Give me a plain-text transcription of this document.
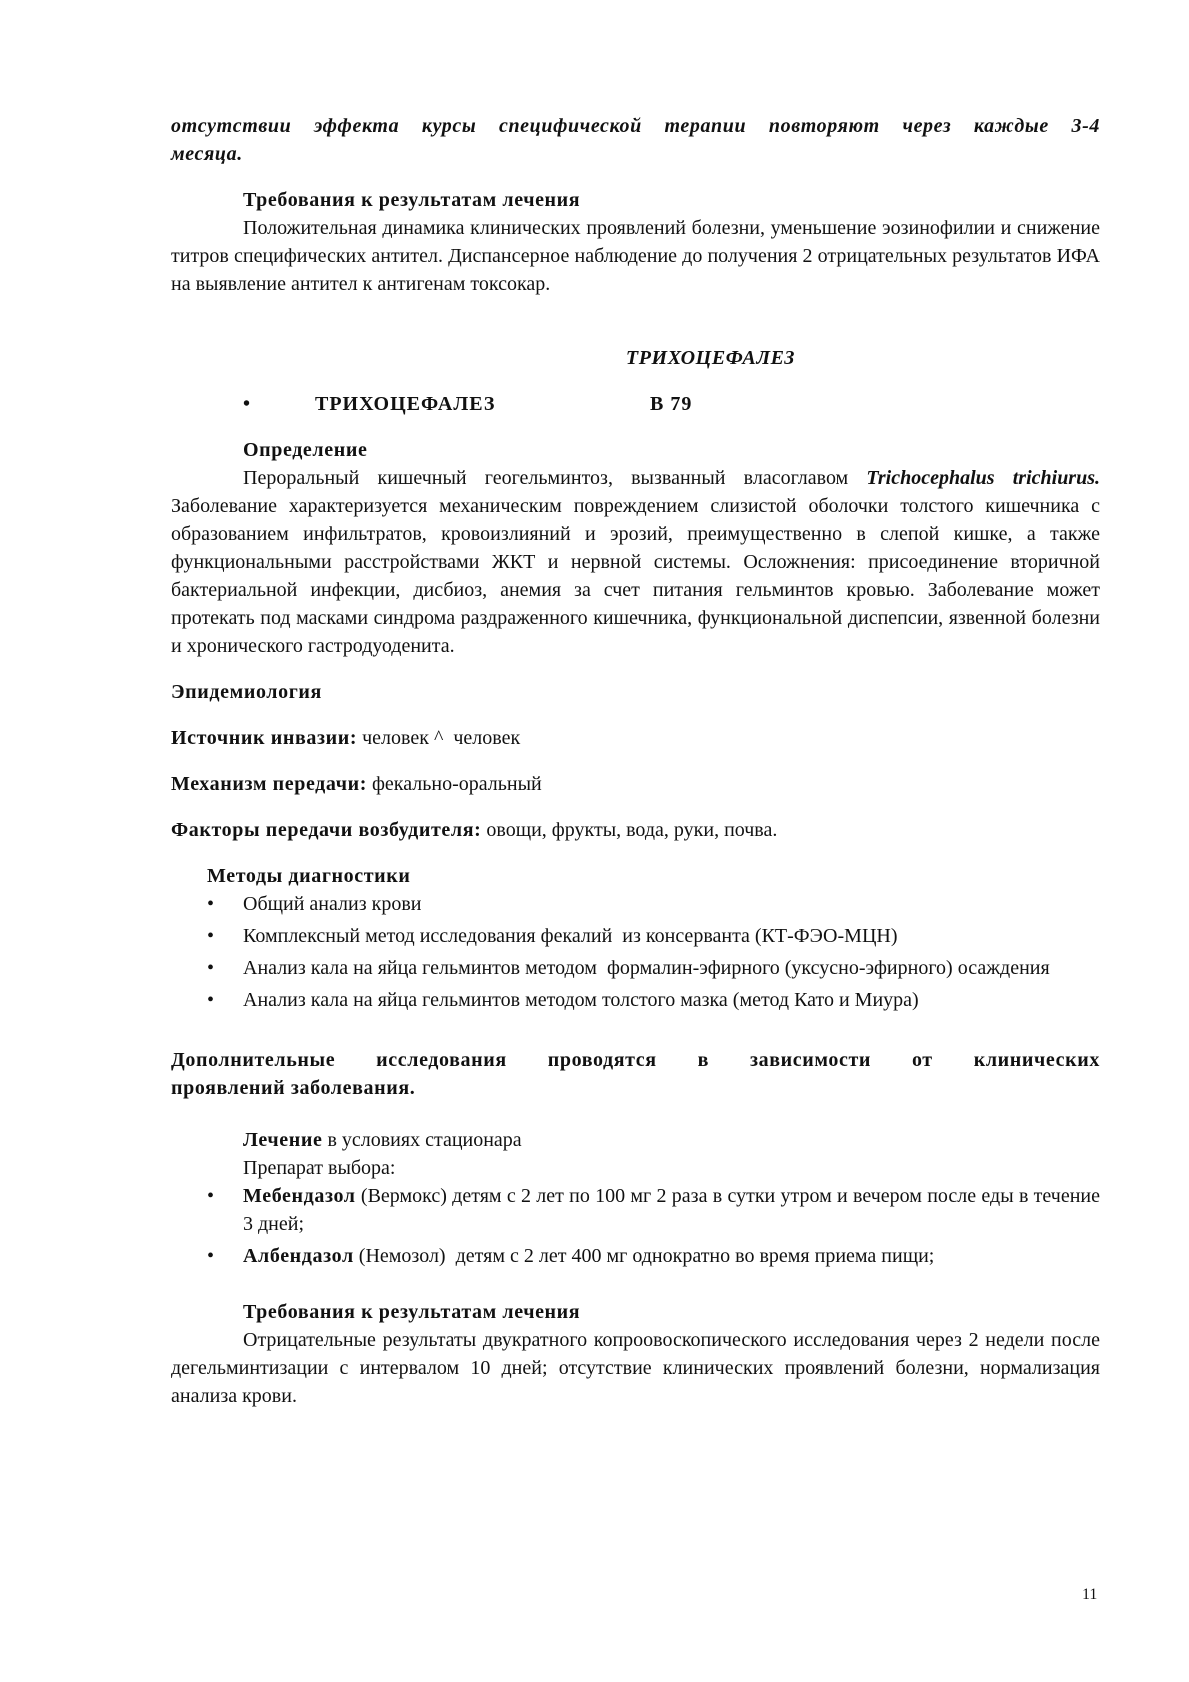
отсутствии эффекта курсы специфической терапии повторяют через каждые 3-4
месяца.
Требования к результатам лечения
Положительная динамика клинических проявлений болезни, уменьшение эозинофилии и снижение титров специфических антител. Диспансерное наблюдение до получения 2 отрицательных результатов ИФА на выявление антител к антигенам токсокар.
ТРИХОЦЕФАЛЕЗ
•	ТРИХОЦЕФАЛЕЗ	В 79
Определение
Пероральный кишечный геогельминтоз, вызванный власоглавом Trichocephalus trichiurus. Заболевание характеризуется механическим повреждением слизистой оболочки толстого кишечника с образованием инфильтратов, кровоизлияний и эрозий, преимущественно в слепой кишке, а также функциональными расстройствами ЖКТ и нервной системы. Осложнения: присоединение вторичной бактериальной инфекции, дисбиоз, анемия за счет питания гельминтов кровью. Заболевание может протекать под масками синдрома раздраженного кишечника, функциональной диспепсии, язвенной болезни и хронического гастродуоденита.
Эпидемиология
Источник инвазии: человек ^  человек
Механизм передачи: фекально-оральный
Факторы передачи возбудителя: овощи, фрукты, вода, руки, почва.
Методы диагностики
• Общий анализ крови
• Комплексный метод исследования фекалий  из консерванта (КТ-ФЭО-МЦН)
• Анализ кала на яйца гельминтов методом  формалин-эфирного (уксусно-эфирного) осаждения
• Анализ кала на яйца гельминтов методом толстого мазка (метод Като и Миура)
Дополнительные исследования проводятся в зависимости от клинических
проявлений заболевания.
Лечение в условиях стационара
Препарат выбора:
• Мебендазол (Вермокс) детям с 2 лет по 100 мг 2 раза в сутки утром и вечером после еды в течение 3 дней;
• Албендазол (Немозол)  детям с 2 лет 400 мг однократно во время приема пищи;
Требования к результатам лечения
Отрицательные результаты двукратного копроовоскопического исследования через 2 недели после дегельминтизации с интервалом 10 дней; отсутствие клинических проявлений болезни, нормализация анализа крови.
11
